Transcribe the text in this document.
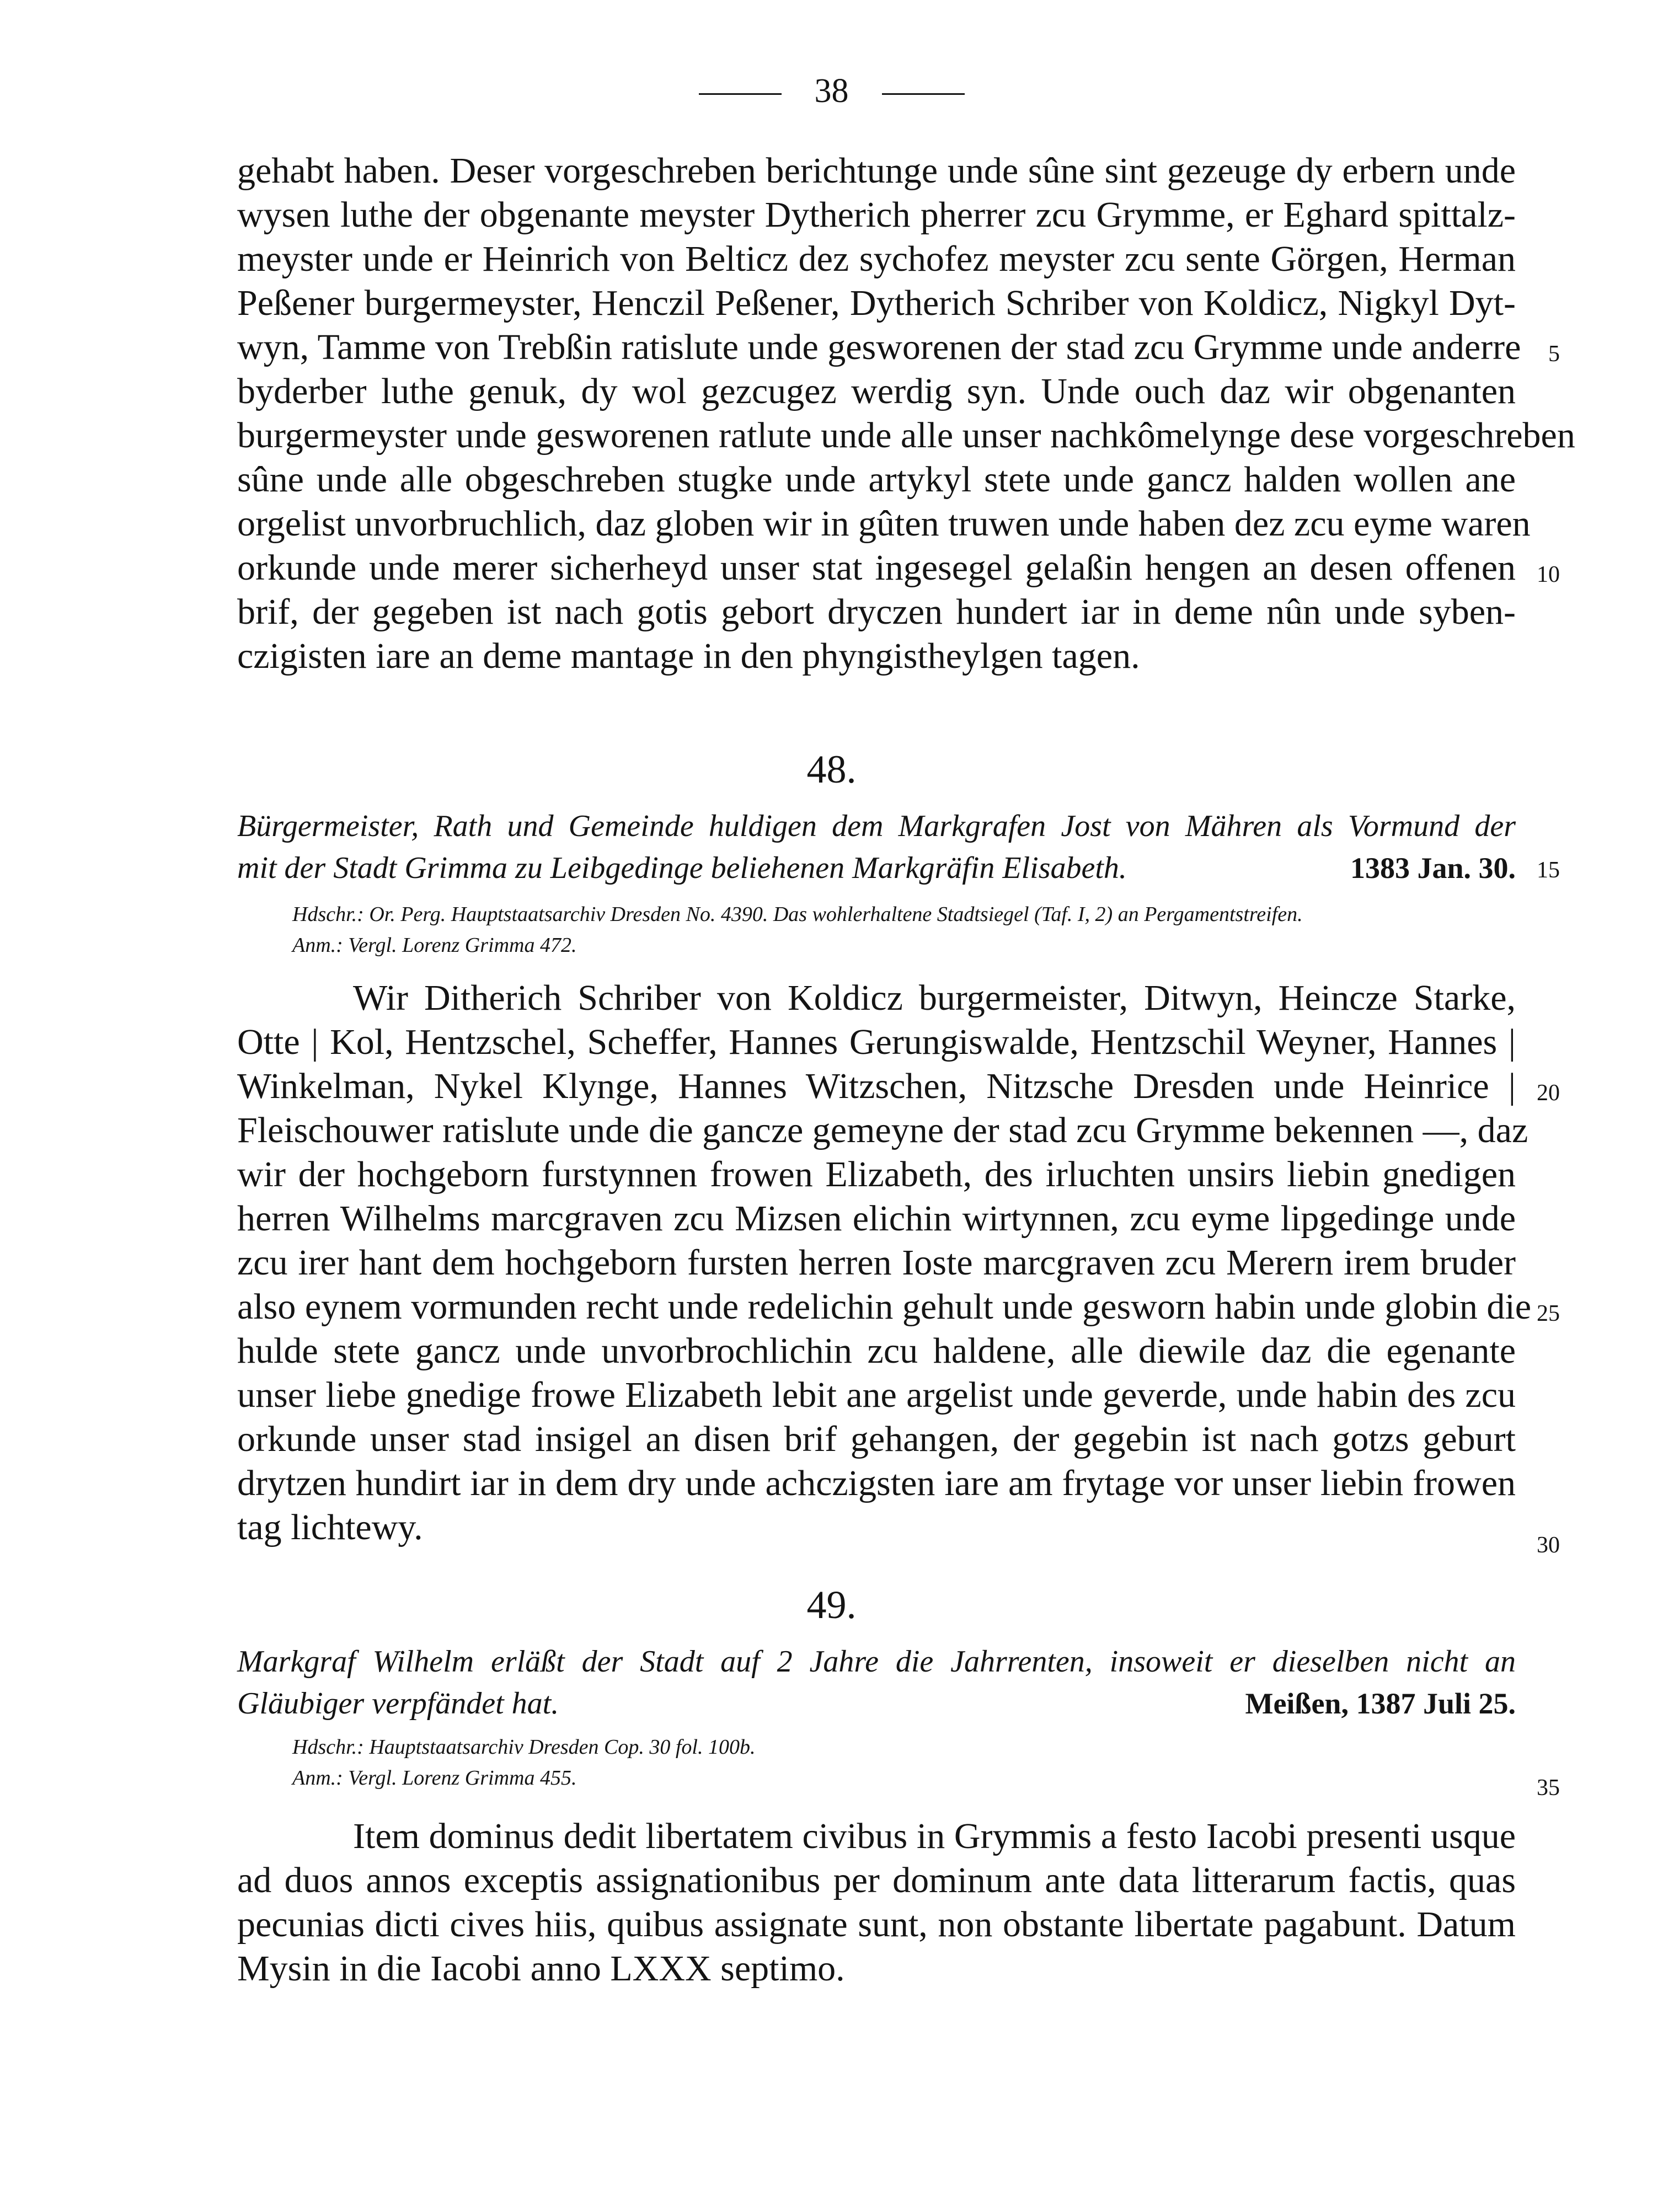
38
gehabt haben. Deser vorgeschreben berichtunge unde sûne sint gezeuge dy erbern unde
wysen luthe der obgenante meyster Dytherich pherrer zcu Grymme, er Eghard spittalz-
meyster unde er Heinrich von Belticz dez sychofez meyster zcu sente Görgen, Herman
Peßener burgermeyster, Henczil Peßener, Dytherich Schriber von Koldicz, Nigkyl Dyt-
wyn, Tamme von Trebßin ratislute unde gesworenen der stad zcu Grymme unde anderre
byderber luthe genuk, dy wol gezcugez werdig syn. Unde ouch daz wir obgenanten
burgermeyster unde gesworenen ratlute unde alle unser nachkômelynge dese vorgeschreben
sûne unde alle obgeschreben stugke unde artykyl stete unde gancz halden wollen ane
orgelist unvorbruchlich, daz globen wir in gûten truwen unde haben dez zcu eyme waren
orkunde unde merer sicherheyd unser stat ingesegel gelaßin hengen an desen offenen
brif, der gegeben ist nach gotis gebort dryczen hundert iar in deme nûn unde syben-
czigisten iare an deme mantage in den phyngistheylgen tagen.
48.
Bürgermeister, Rath und Gemeinde huldigen dem Markgrafen Jost von Mähren als Vormund der
mit der Stadt Grimma zu Leibgedinge beliehenen Markgräfin Elisabeth.	1383 Jan. 30.
Hdschr.: Or. Perg. Hauptstaatsarchiv Dresden No. 4390. Das wohlerhaltene Stadtsiegel (Taf. I, 2) an Pergamentstreifen.
Anm.: Vergl. Lorenz Grimma 472.
Wir Ditherich Schriber von Koldicz burgermeister, Ditwyn, Heincze Starke,
Otte | Kol, Hentzschel, Scheffer, Hannes Gerungiswalde, Hentzschil Weyner, Hannes |
Winkelman, Nykel Klynge, Hannes Witzschen, Nitzsche Dresden unde Heinrice |
Fleischouwer ratislute unde die gancze gemeyne der stad zcu Grymme bekennen —, daz
wir der hochgeborn furstynnen frowen Elizabeth, des irluchten unsirs liebin gnedigen
herren Wilhelms marcgraven zcu Mizsen elichin wirtynnen, zcu eyme lipgedinge unde
zcu irer hant dem hochgeborn fursten herren Ioste marcgraven zcu Merern irem bruder
also eynem vormunden recht unde redelichin gehult unde gesworn habin unde globin die
hulde stete gancz unde unvorbrochlichin zcu haldene, alle diewile daz die egenante
unser liebe gnedige frowe Elizabeth lebit ane argelist unde geverde, unde habin des zcu
orkunde unser stad insigel an disen brif gehangen, der gegebin ist nach gotzs geburt
drytzen hundirt iar in dem dry unde achczigsten iare am frytage vor unser liebin frowen
tag lichtewy.
49.
Markgraf Wilhelm erläßt der Stadt auf 2 Jahre die Jahrrenten, insoweit er dieselben nicht an
Gläubiger verpfändet hat.	Meißen, 1387 Juli 25.
Hdschr.: Hauptstaatsarchiv Dresden Cop. 30 fol. 100b.
Anm.: Vergl. Lorenz Grimma 455.
Item dominus dedit libertatem civibus in Grymmis a festo Iacobi presenti usque
ad duos annos exceptis assignationibus per dominum ante data litterarum factis, quas
pecunias dicti cives hiis, quibus assignate sunt, non obstante libertate pagabunt. Datum
Mysin in die Iacobi anno LXXX septimo.
5
10
15
20
25
30
35
